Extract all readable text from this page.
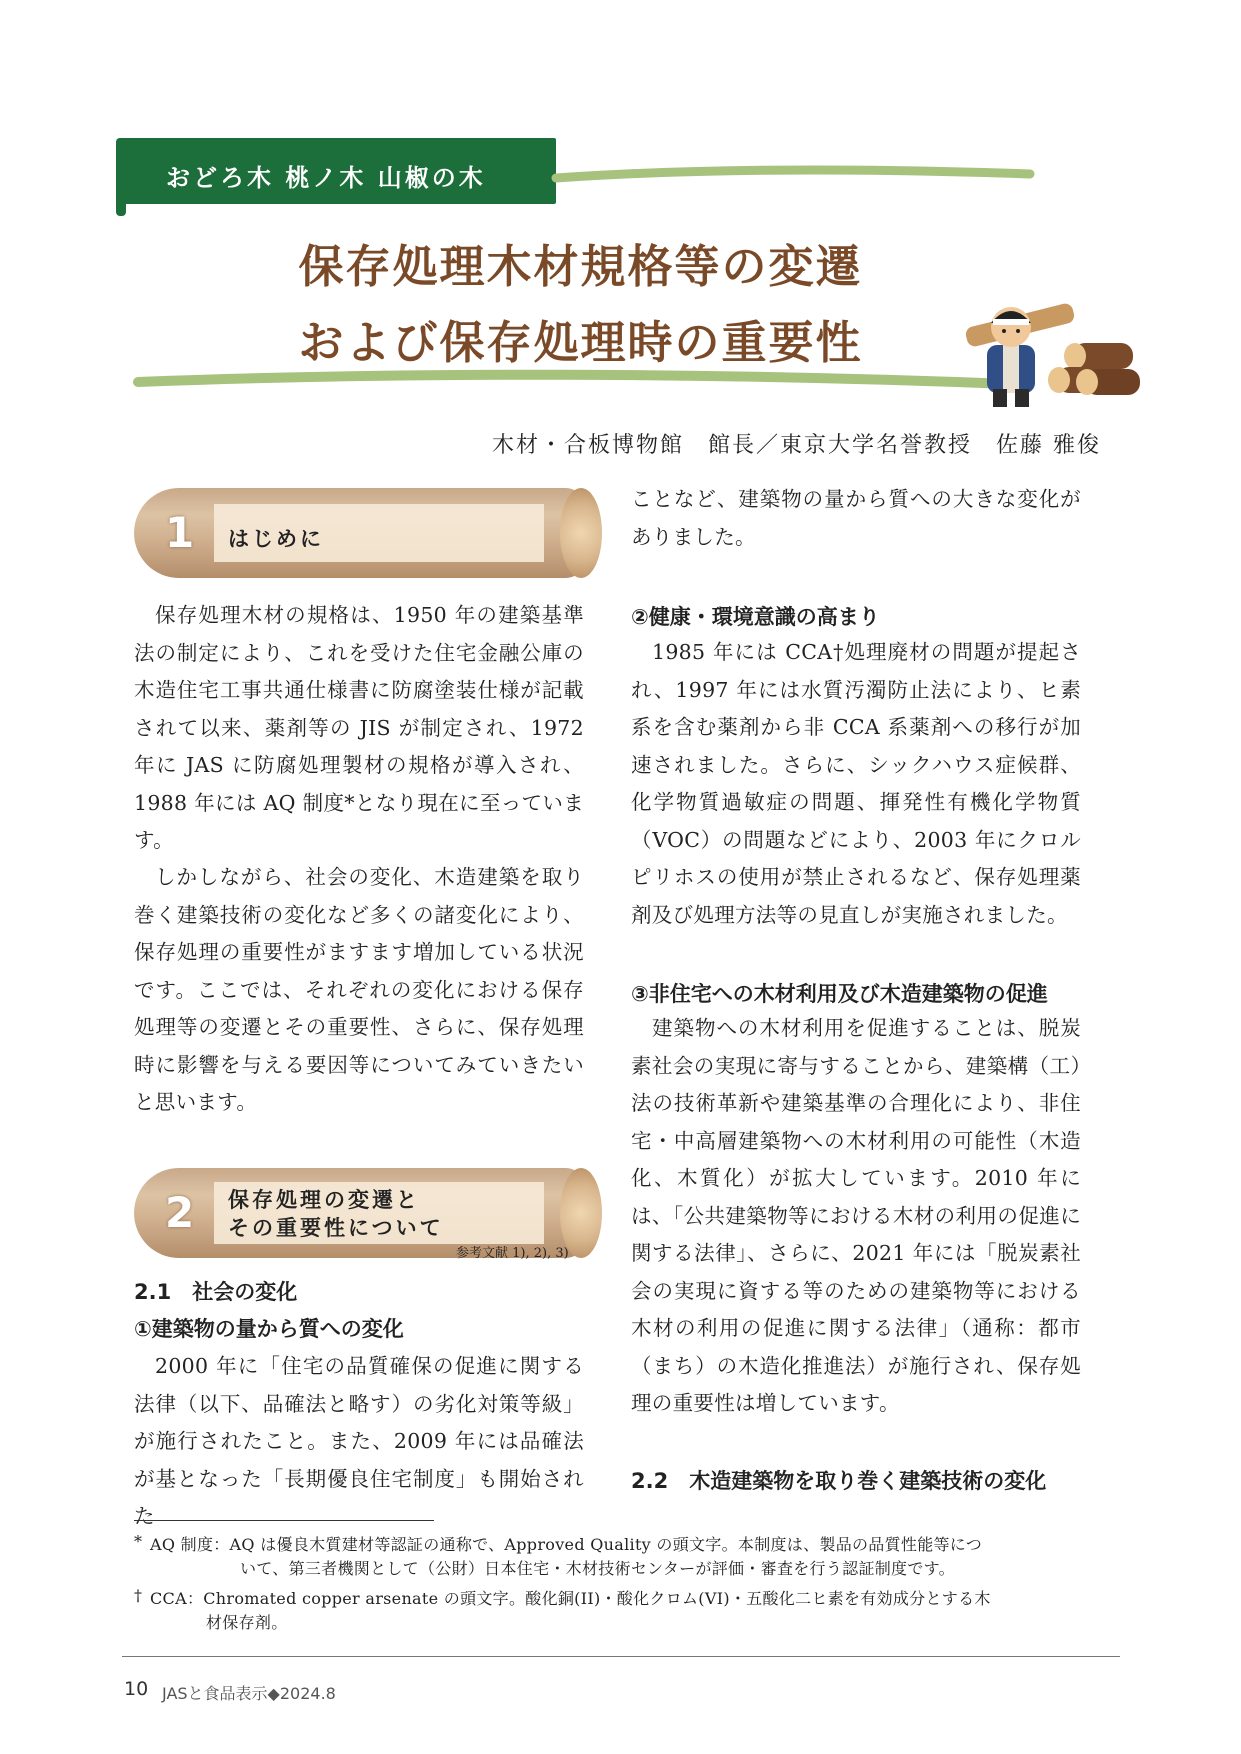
おどろ木 桃ノ木 山椒の木
保存処理木材規格等の変遷
および保存処理時の重要性
木材・合板博物館　館長／東京大学名誉教授　佐藤 雅俊
1 はじめに
保存処理木材の規格は、1950 年の建築基準法の制定により、これを受けた住宅金融公庫の木造住宅工事共通仕様書に防腐塗装仕様が記載されて以来、薬剤等の JIS が制定され、1972 年に JAS に防腐処理製材の規格が導入され、1988 年には AQ 制度*となり現在に至っています。
しかしながら、社会の変化、木造建築を取り巻く建築技術の変化など多くの諸変化により、保存処理の重要性がますます増加している状況です。ここでは、それぞれの変化における保存処理等の変遷とその重要性、さらに、保存処理時に影響を与える要因等についてみていきたいと思います。
2 保存処理の変遷と
その重要性について
参考文献 1), 2), 3)
2.1　社会の変化
①建築物の量から質への変化
2000 年に「住宅の品質確保の促進に関する法律（以下、品確法と略す）の劣化対策等級」が施行されたこと。また、2009 年には品確法が基となった「長期優良住宅制度」も開始された
ことなど、建築物の量から質への大きな変化がありました。
②健康・環境意識の高まり
1985 年には CCA†処理廃材の問題が提起され、1997 年には水質汚濁防止法により、ヒ素系を含む薬剤から非 CCA 系薬剤への移行が加速されました。さらに、シックハウス症候群、化学物質過敏症の問題、揮発性有機化学物質（VOC）の問題などにより、2003 年にクロルピリホスの使用が禁止されるなど、保存処理薬剤及び処理方法等の見直しが実施されました。
③非住宅への木材利用及び木造建築物の促進
建築物への木材利用を促進することは、脱炭素社会の実現に寄与することから、建築構（工）法の技術革新や建築基準の合理化により、非住宅・中高層建築物への木材利用の可能性（木造化、木質化）が拡大しています。2010 年には、「公共建築物等における木材の利用の促進に関する法律」、さらに、2021 年には「脱炭素社会の実現に資する等のための建築物等における木材の利用の促進に関する法律」（通称：都市（まち）の木造化推進法）が施行され、保存処理の重要性は増しています。
2.2　木造建築物を取り巻く建築技術の変化
* AQ 制度：AQ は優良木質建材等認証の通称で、Approved Quality の頭文字。本制度は、製品の品質性能等につ
いて、第三者機関として（公財）日本住宅・木材技術センターが評価・審査を行う認証制度です。
† CCA：Chromated copper arsenate の頭文字。酸化銅(II)・酸化クロム(VI)・五酸化二ヒ素を有効成分とする木
材保存剤。
10 JASと食品表示◆2024.8
